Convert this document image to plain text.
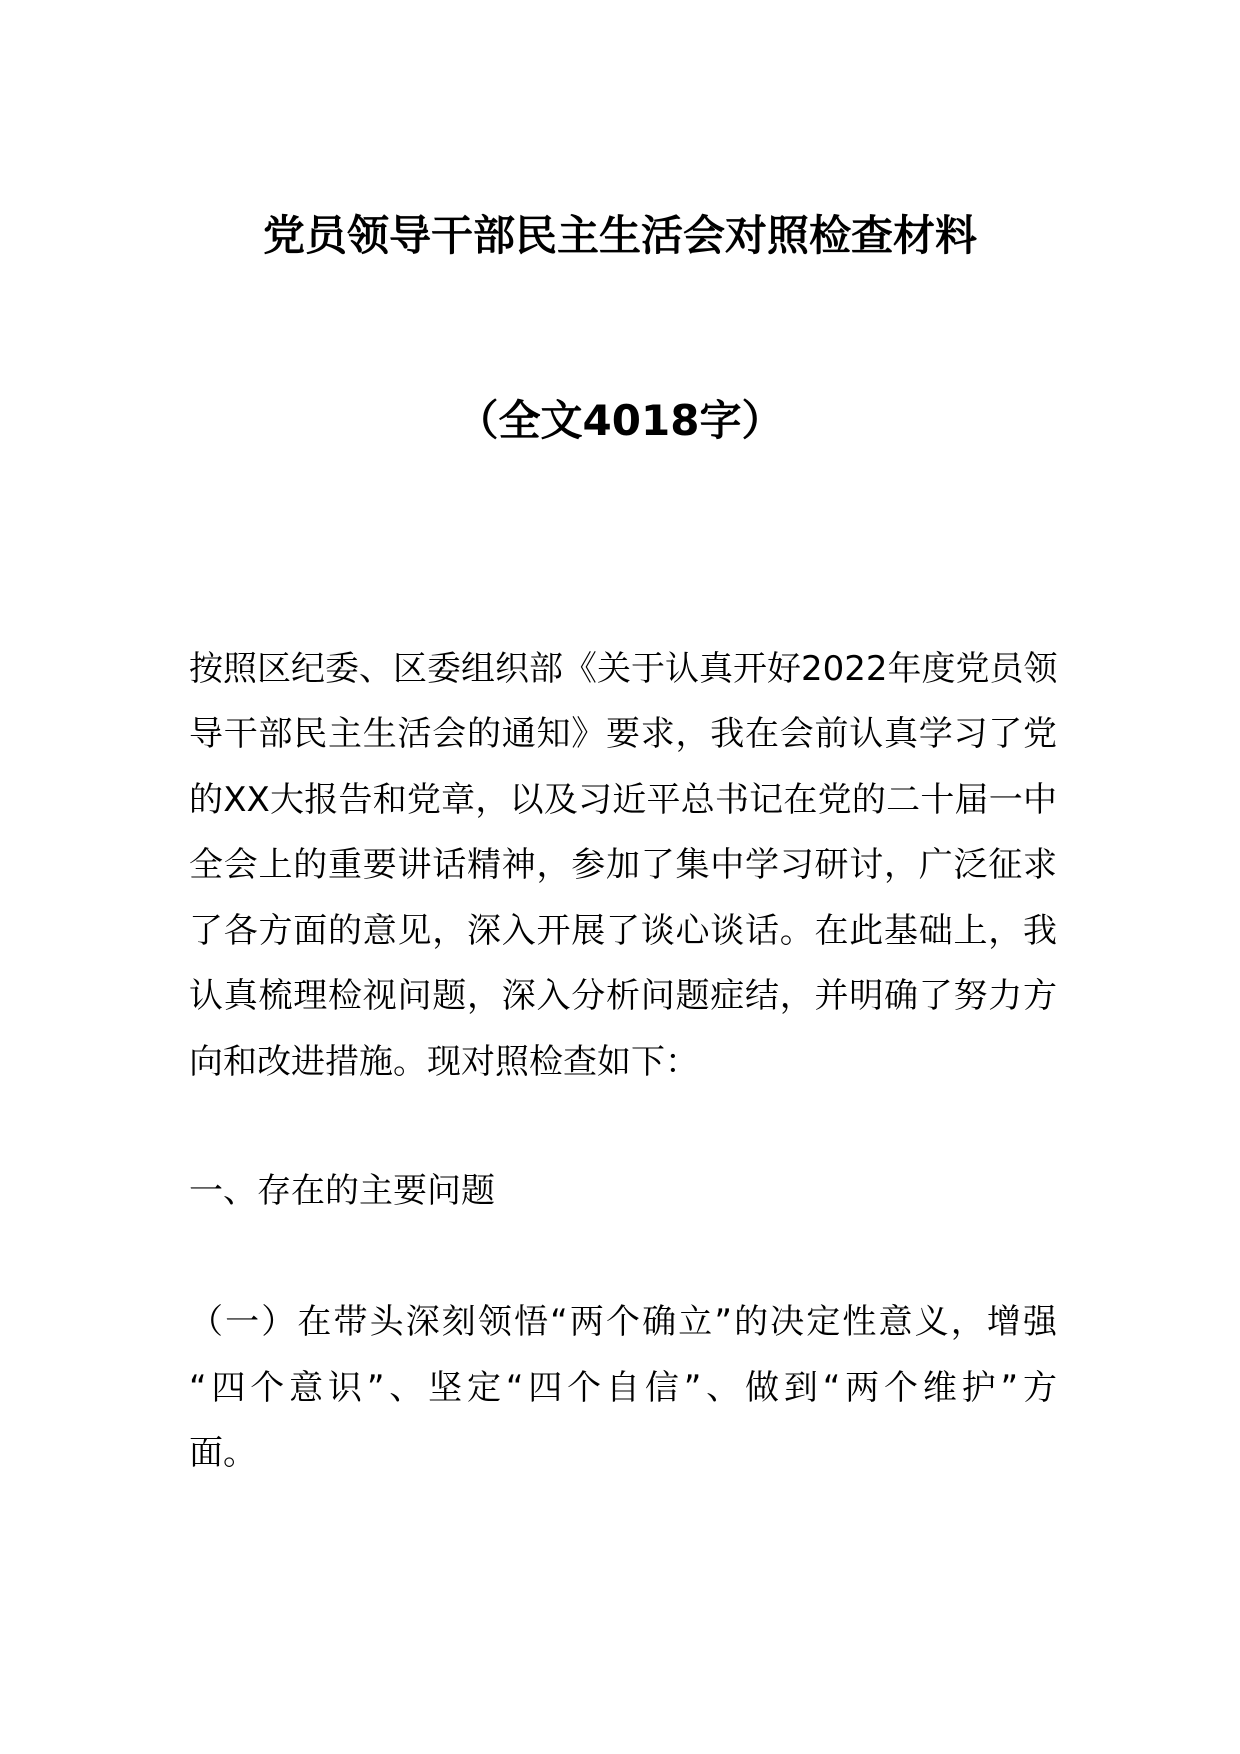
党员领导干部民主生活会对照检查材料
（全文4018字）
按照区纪委、区委组织部《关于认真开好2022年度党员领
导干部民主生活会的通知》要求，我在会前认真学习了党
的XX大报告和党章，以及习近平总书记在党的二十届一中
全会上的重要讲话精神，参加了集中学习研讨，广泛征求
了各方面的意见，深入开展了谈心谈话。在此基础上，我
认真梳理检视问题，深入分析问题症结，并明确了努力方
向和改进措施。现对照检查如下：
一、存在的主要问题
（一）在带头深刻领悟“两个确立”的决定性意义，增强
“四个意识”、坚定“四个自信”、做到“两个维护”方
面。
